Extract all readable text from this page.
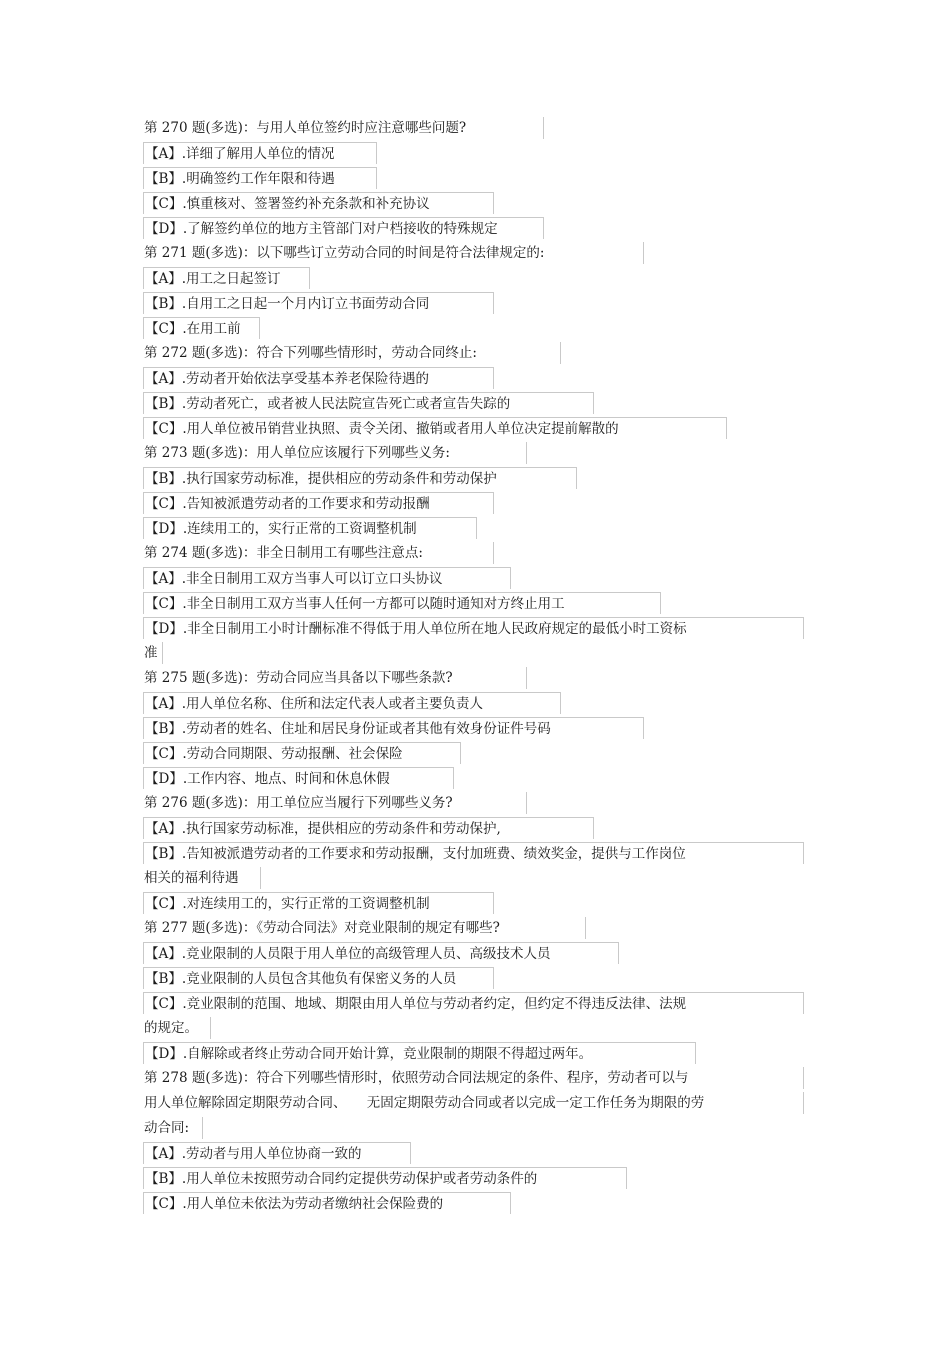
第 270 题(多选)：与用人单位签约时应注意哪些问题?
【A】.详细了解用人单位的情况
【B】.明确签约工作年限和待遇
【C】.慎重核对、签署签约补充条款和补充协议
【D】.了解签约单位的地方主管部门对户档接收的特殊规定
第 271 题(多选)：以下哪些订立劳动合同的时间是符合法律规定的:
【A】.用工之日起签订
【B】.自用工之日起一个月内订立书面劳动合同
【C】.在用工前
第 272 题(多选)：符合下列哪些情形时，劳动合同终止:
【A】.劳动者开始依法享受基本养老保险待遇的
【B】.劳动者死亡，或者被人民法院宣告死亡或者宣告失踪的
【C】.用人单位被吊销营业执照、责令关闭、撤销或者用人单位决定提前解散的
第 273 题(多选)：用人单位应该履行下列哪些义务:
【B】.执行国家劳动标准，提供相应的劳动条件和劳动保护
【C】.告知被派遣劳动者的工作要求和劳动报酬
【D】.连续用工的，实行正常的工资调整机制
第 274 题(多选)：非全日制用工有哪些注意点:
【A】.非全日制用工双方当事人可以订立口头协议
【C】.非全日制用工双方当事人任何一方都可以随时通知对方终止用工
【D】.非全日制用工小时计酬标准不得低于用人单位所在地人民政府规定的最低小时工资标
准
第 275 题(多选)：劳动合同应当具备以下哪些条款?
【A】.用人单位名称、住所和法定代表人或者主要负责人
【B】.劳动者的姓名、住址和居民身份证或者其他有效身份证件号码
【C】.劳动合同期限、劳动报酬、社会保险
【D】.工作内容、地点、时间和休息休假
第 276 题(多选)：用工单位应当履行下列哪些义务?
【A】.执行国家劳动标准，提供相应的劳动条件和劳动保护,
【B】.告知被派遣劳动者的工作要求和劳动报酬，支付加班费、绩效奖金，提供与工作岗位
相关的福利待遇
【C】.对连续用工的，实行正常的工资调整机制
第 277 题(多选)：《劳动合同法》对竞业限制的规定有哪些?
【A】.竞业限制的人员限于用人单位的高级管理人员、高级技术人员
【B】.竞业限制的人员包含其他负有保密义务的人员
【C】.竞业限制的范围、地域、期限由用人单位与劳动者约定，但约定不得违反法律、法规
的规定。
【D】.自解除或者终止劳动合同开始计算，竞业限制的期限不得超过两年。
第 278 题(多选)：符合下列哪些情形时，依照劳动合同法规定的条件、程序，劳动者可以与
用人单位解除固定期限劳动合同、　　无固定期限劳动合同或者以完成一定工作任务为期限的劳
动合同:
【A】.劳动者与用人单位协商一致的
【B】.用人单位未按照劳动合同约定提供劳动保护或者劳动条件的
【C】.用人单位未依法为劳动者缴纳社会保险费的
